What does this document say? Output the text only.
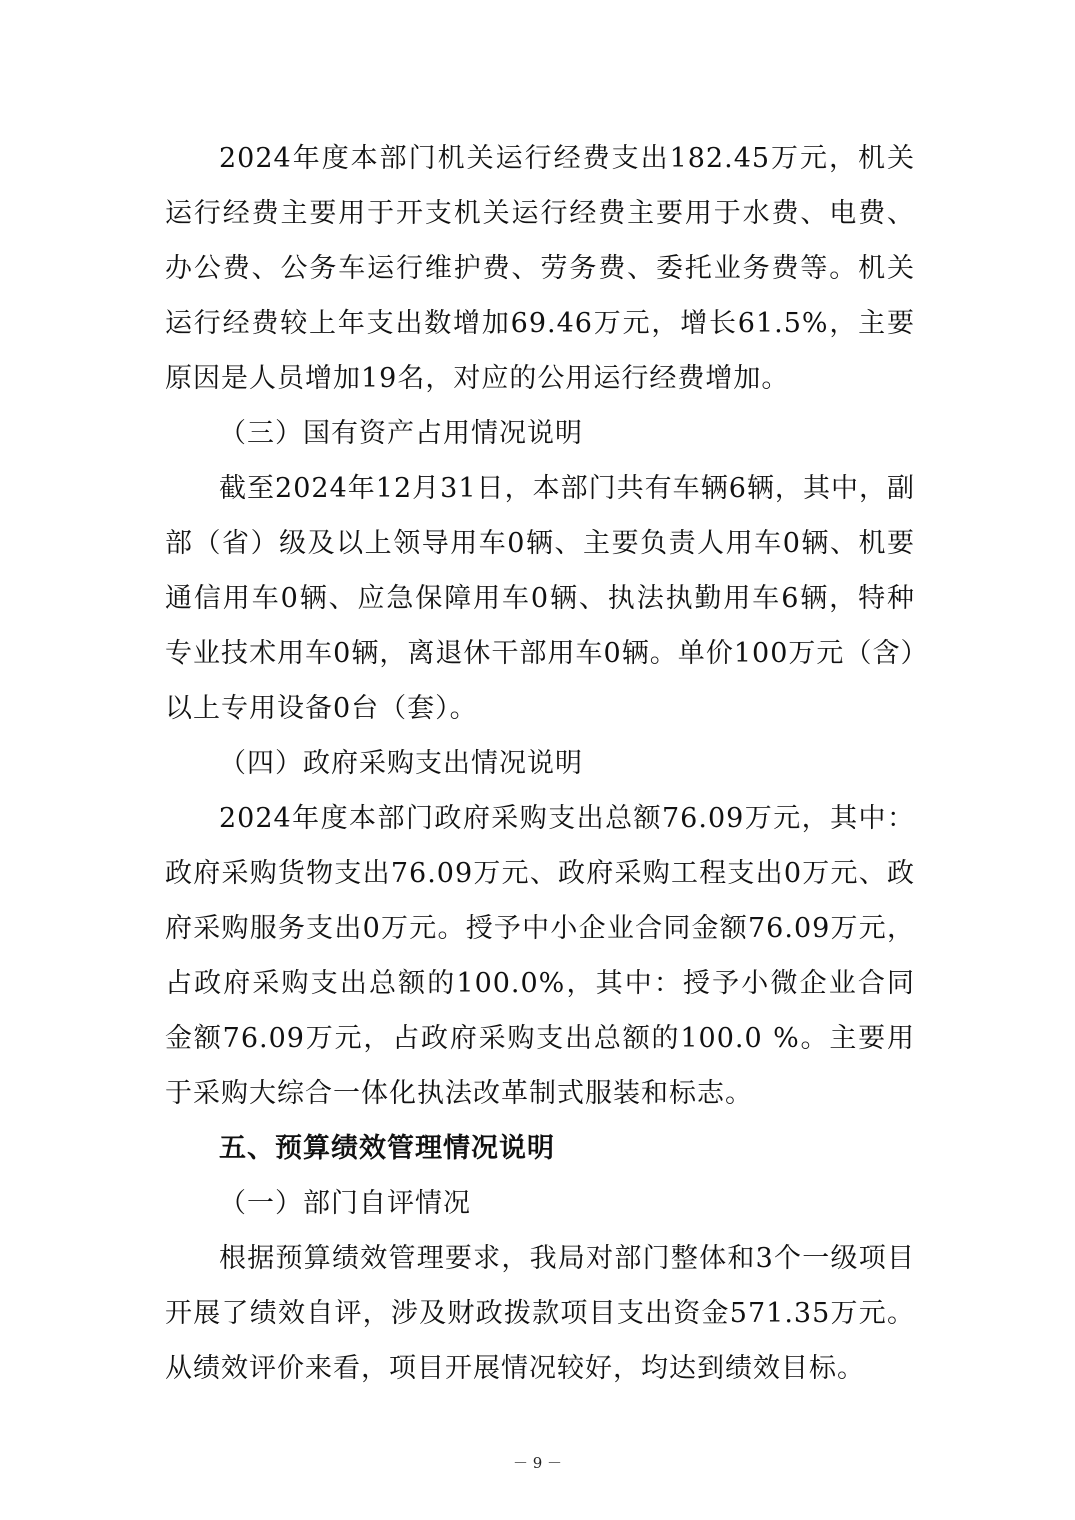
2024年度本部门机关运行经费支出182.45万元，机关运行经费主要用于开支机关运行经费主要用于水费、电费、办公费、公务车运行维护费、劳务费、委托业务费等。机关运行经费较上年支出数增加69.46万元，增长61.5%，主要原因是人员增加19名，对应的公用运行经费增加。

（三）国有资产占用情况说明

截至2024年12月31日，本部门共有车辆6辆，其中，副部（省）级及以上领导用车0辆、主要负责人用车0辆、机要通信用车0辆、应急保障用车0辆、执法执勤用车6辆，特种专业技术用车0辆，离退休干部用车0辆。单价100万元（含）以上专用设备0台（套）。

（四）政府采购支出情况说明

2024年度本部门政府采购支出总额76.09万元，其中：政府采购货物支出76.09万元、政府采购工程支出0万元、政府采购服务支出0万元。授予中小企业合同金额76.09万元，占政府采购支出总额的100.0%，其中：授予小微企业合同金额76.09万元，占政府采购支出总额的100.0 %。主要用于采购大综合一体化执法改革制式服装和标志。

五、预算绩效管理情况说明

（一）部门自评情况

根据预算绩效管理要求，我局对部门整体和3个一级项目开展了绩效自评，涉及财政拨款项目支出资金571.35万元。从绩效评价来看，项目开展情况较好，均达到绩效目标。

－ 9 －
